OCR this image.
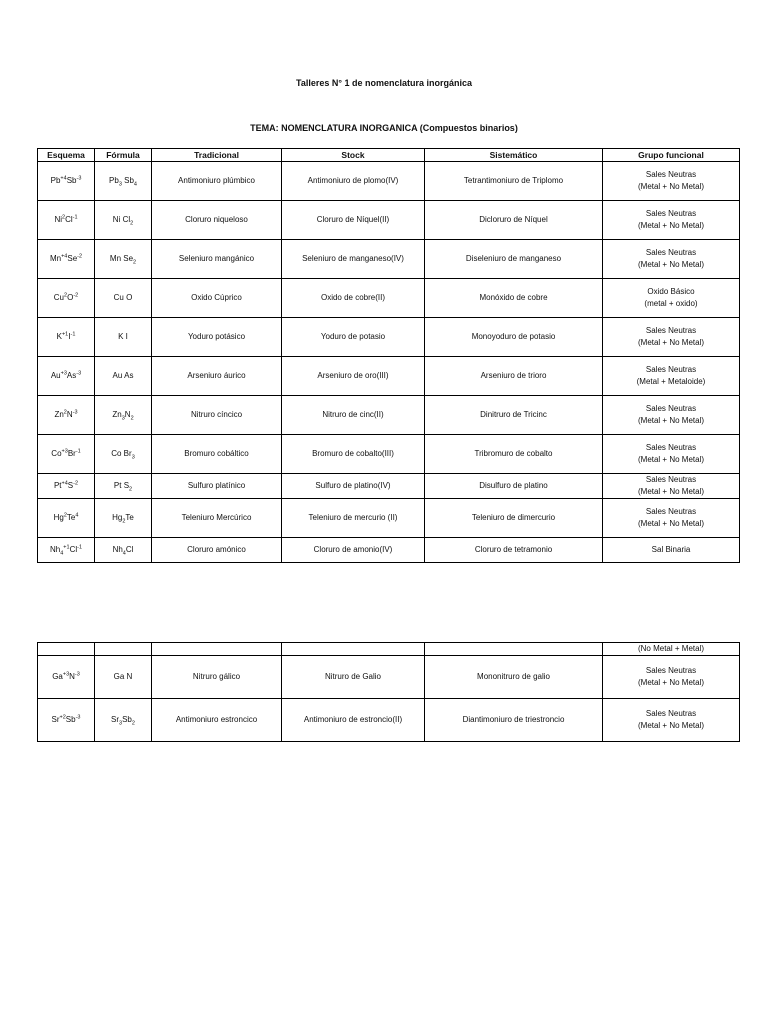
Talleres N° 1 de nomenclatura inorgánica
TEMA: NOMENCLATURA INORGANICA (Compuestos binarios)
Esquema	Fórmula	Tradicional	Stock	Sistemático	Grupo funcional
$Pb^{+4}Sb^{-3}$	$Pb_3$ $Sb_4$	Antimoniuro plúmbico	Antimoniuro de plomo(IV)	Tetrantimoniuro de Triplomo	Sales Neutras
(Metal + No Metal)

$Ni^2Cl^{-1}$	Ni $Cl_2$	Cloruro niqueloso	Cloruro de Níquel(II)	Dicloruro de Níquel	Sales Neutras
(Metal + No Metal)

$Mn^{+4}Se^{-2}$	Mn $Se_2$	Seleniuro mangánico	Seleniuro de manganeso(IV)	Diseleniuro de manganeso	Sales Neutras
(Metal + No Metal)

$Cu^2O^{-2}$	Cu O	Oxido Cúprico	Oxido de cobre(II)	Monóxido de cobre	Oxido Básico
(metal + oxido)

$K^{+1}I^{-1}$	K I	Yoduro potásico	Yoduro de potasio	Monoyoduro de potasio	Sales Neutras
(Metal + No Metal)

$Au^{+3}As^{-3}$	Au As	Arseniuro áurico	Arseniuro de oro(III)	Arseniuro de trioro	Sales Neutras
(Metal + Metaloide)

$Zn^2N^{-3}$	$Zn_3N_2$	Nitruro cíncico	Nitruro de cinc(II)	Dinitruro de Tricinc	Sales Neutras
(Metal + No Metal)

$Co^{+3}Br^{-1}$	Co $Br_3$	Bromuro cobáltico	Bromuro de cobalto(III)	Tribromuro de cobalto	Sales Neutras
(Metal + No Metal)

$Pt^{+4}S^{-2}$	Pt $S_2$	Sulfuro platínico	Sulfuro de platino(IV)	Disulfuro de platino	Sales Neutras
(Metal + No Metal)

Hg$^2$Te$^4$	$Hg_2Te$	Teleniuro Mercúrico	Teleniuro de mercurio (II)	Teleniuro de dimercurio	Sales Neutras
(Metal + No Metal)

$Nh_4^{+1}Cl^{-1}$	$Nh_4Cl$	Cloruro amónico	Cloruro de amonio(IV)	Cloruro de tetramonio	Sal Binaria

					(No Metal + Metal)

$Ga^{+3}N^{-3}$	Ga N	Nitruro gálico	Nitruro de Galio	Mononitruro de galio	Sales Neutras
(Metal + No Metal)

$Sr^{+2}Sb^{-3}$	$Sr_3Sb_2$	Antimoniuro estroncico	Antimoniuro de estroncio(II)	Diantimoniuro de triestroncio	Sales Neutras
(Metal + No Metal)
